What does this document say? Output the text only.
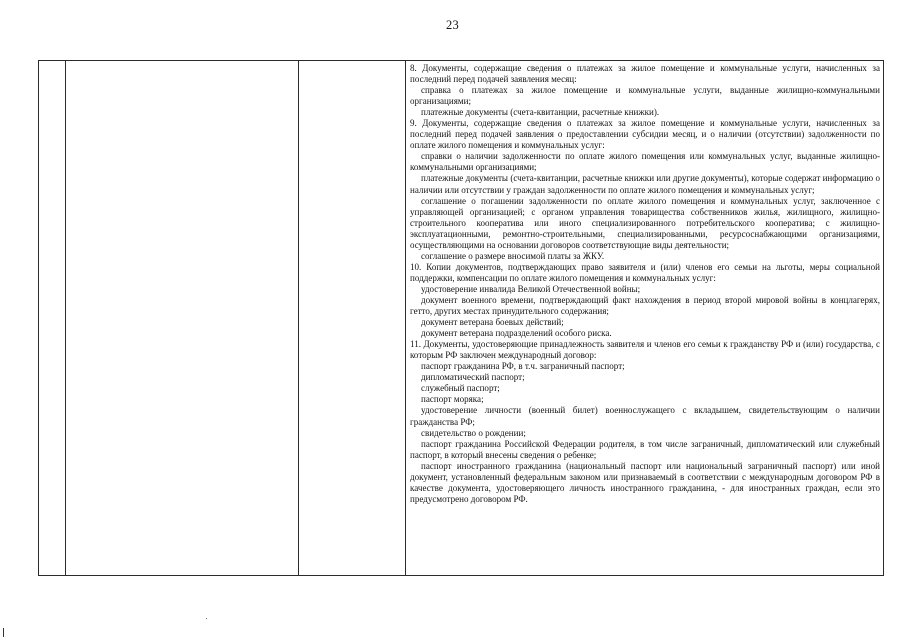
23

8. Документы, содержащие сведения о платежах за жилое помещение и коммунальные услуги, начисленных за последний перед подачей заявления месяц:

справка о платежах за жилое помещение и коммунальные услуги, выданные жилищно-коммунальными организациями;

платежные документы (счета-квитанции, расчетные книжки).

9. Документы, содержащие сведения о платежах за жилое помещение и коммунальные услуги, начисленных за последний перед подачей заявления о предоставлении субсидии месяц, и о наличии (отсутствии) задолженности по оплате жилого помещения и коммунальных услуг:

справки о наличии задолженности по оплате жилого помещения или коммунальных услуг, выданные жилищно-коммунальными организациями;

платежные документы (счета-квитанции, расчетные книжки или другие документы), которые содержат информацию о наличии или отсутствии у граждан задолженности по оплате жилого помещения и коммунальных услуг;

соглашение о погашении задолженности по оплате жилого помещения и коммунальных услуг, заключенное с управляющей организацией; с органом управления товарищества собственников жилья, жилищного, жилищно-строительного кооператива или иного специализированного потребительского кооператива; с жилищно-эксплуатационными, ремонтно-строительными, специализированными, ресурсоснабжающими организациями, осуществляющими на основании договоров соответствующие виды деятельности;

соглашение о размере вносимой платы за ЖКУ.

10. Копии документов, подтверждающих право заявителя и (или) членов его семьи на льготы, меры социальной поддержки, компенсации по оплате жилого помещения и коммунальных услуг:

удостоверение инвалида Великой Отечественной войны;

документ военного времени, подтверждающий факт нахождения в период второй мировой войны в концлагерях, гетто, других местах принудительного содержания;

документ ветерана боевых действий;

документ ветерана подразделений особого риска.

11. Документы, удостоверяющие принадлежность заявителя и членов его семьи к гражданству РФ и (или) государства, с которым РФ заключен международный договор:

паспорт гражданина РФ, в т.ч. заграничный паспорт;

дипломатический паспорт;

служебный паспорт;

паспорт моряка;

удостоверение личности (военный билет) военнослужащего с вкладышем, свидетельствующим о наличии гражданства РФ;

свидетельство о рождении;

паспорт гражданина Российской Федерации родителя, в том числе заграничный, дипломатический или служебный паспорт, в который внесены сведения о ребенке;

паспорт иностранного гражданина (национальный паспорт или национальный заграничный паспорт) или иной документ, установленный федеральным законом или признаваемый в соответствии с международным договором РФ в качестве документа, удостоверяющего личность иностранного гражданина, - для иностранных граждан, если это предусмотрено договором РФ.
